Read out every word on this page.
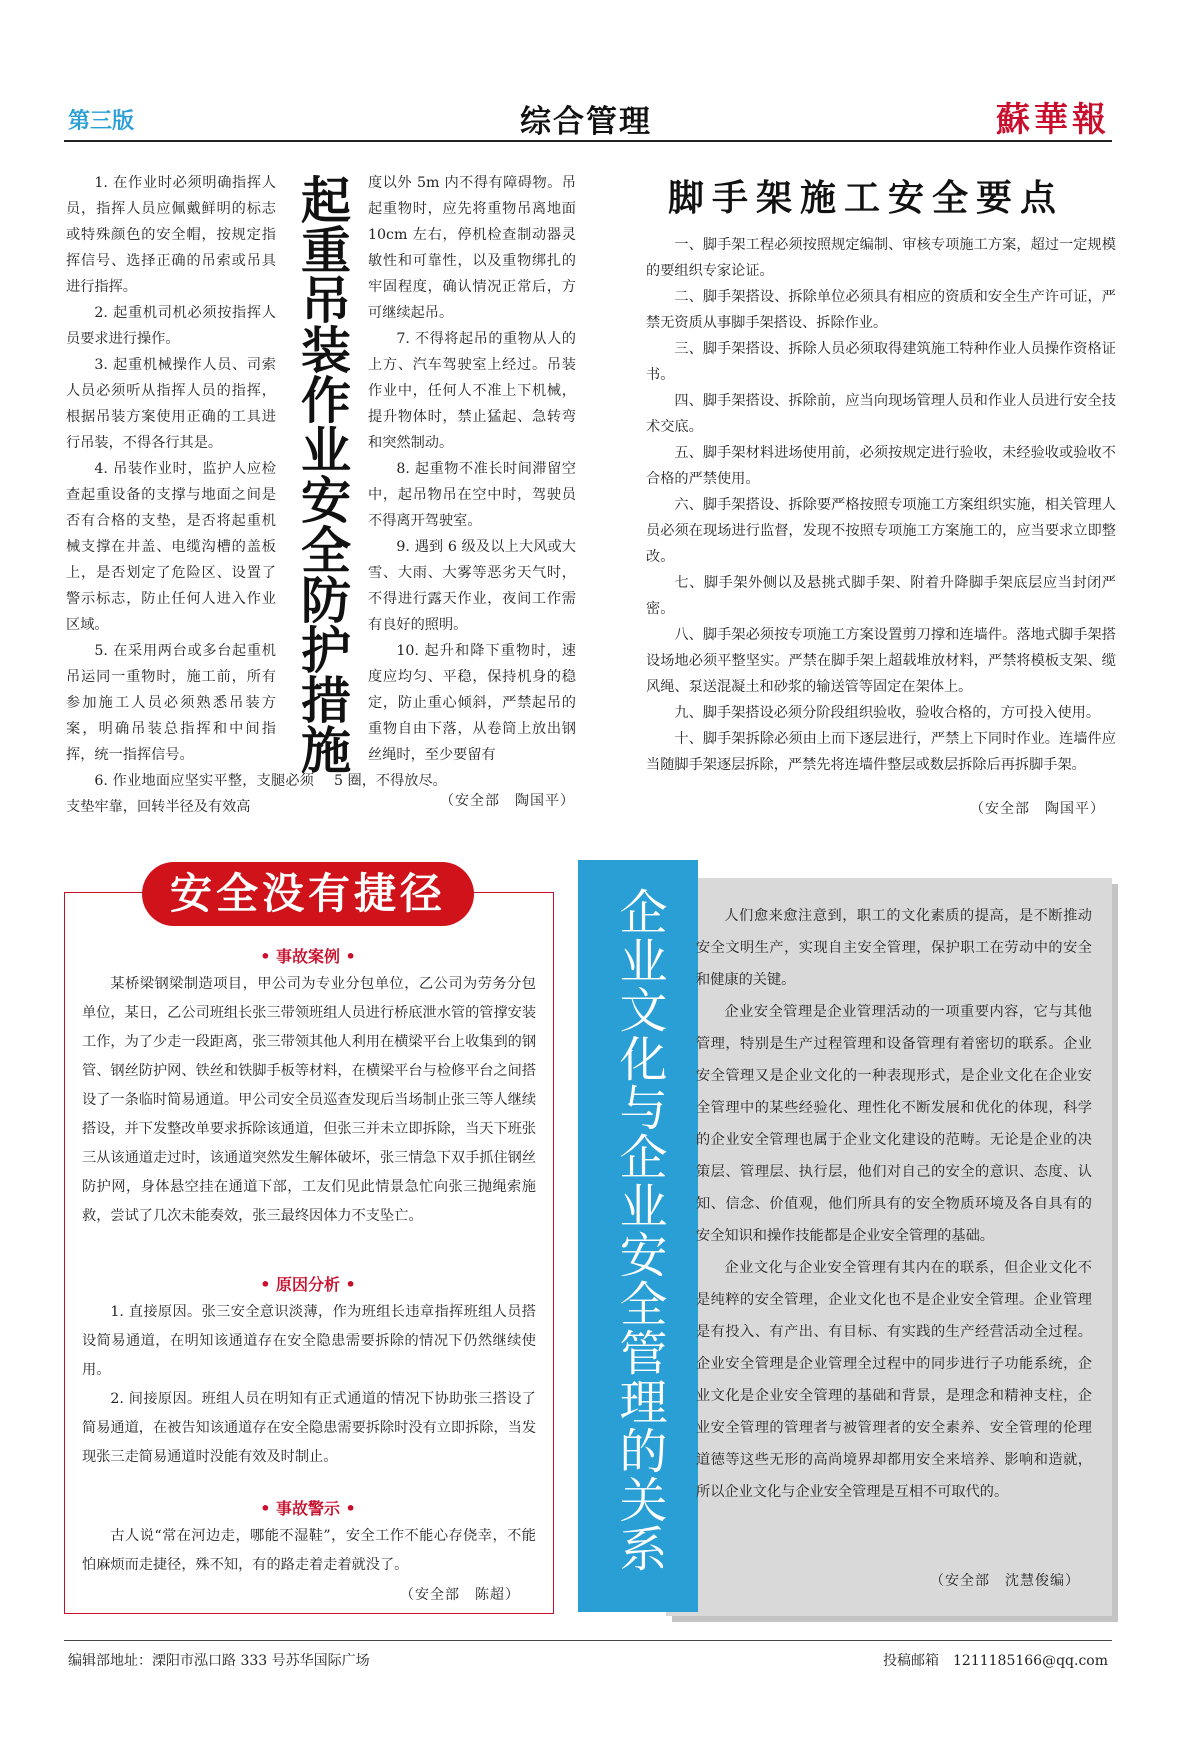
第三版	综合管理	蘇華報

1. 在作业时必须明确指挥人员，指挥人员应佩戴鲜明的标志或特殊颜色的安全帽，按规定指挥信号、选择正确的吊索或吊具进行指挥。

2. 起重机司机必须按指挥人员要求进行操作。

3. 起重机械操作人员、司索人员必须听从指挥人员的指挥，根据吊装方案使用正确的工具进行吊装，不得各行其是。

4. 吊装作业时，监护人应检查起重设备的支撑与地面之间是否有合格的支垫，是否将起重机械支撑在井盖、电缆沟槽的盖板上，是否划定了危险区、设置了警示标志，防止任何人进入作业区域。

5. 在采用两台或多台起重机吊运同一重物时，施工前，所有参加施工人员必须熟悉吊装方案，明确吊装总指挥和中间指挥，统一指挥信号。	起重吊装作业安全防护措施 度以外 5m 内不得有障碍物。吊起重物时，应先将重物吊离地面 10cm 左右，停机检查制动器灵敏性和可靠性，以及重物绑扎的牢固程度，确认情况正常后，方可继续起吊。

7. 不得将起吊的重物从人的上方、汽车驾驶室上经过。吊装作业中，任何人不准上下机械，提升物体时，禁止猛起、急转弯和突然制动。

8. 起重物不准长时间滞留空中，起吊物吊在空中时，驾驶员不得离开驾驶室。

9. 遇到 6 级及以上大风或大雪、大雨、大雾等恶劣天气时，不得进行露天作业，夜间工作需有良好的照明。

10. 起升和降下重物时，速度应均匀、平稳，保持机身的稳定，防止重心倾斜，严禁起吊的重物自由下落，从卷筒上放出钢丝绳时，至少要留有

6. 作业地面应坚实平整，支腿必须支垫牢靠，回转半径及有效高

5 圈，不得放尽。

（安全部　陶国平）
脚手架施工安全要点

一、脚手架工程必须按照规定编制、审核专项施工方案，超过一定规模的要组织专家论证。

二、脚手架搭设、拆除单位必须具有相应的资质和安全生产许可证，严禁无资质从事脚手架搭设、拆除作业。

三、脚手架搭设、拆除人员必须取得建筑施工特种作业人员操作资格证书。

四、脚手架搭设、拆除前，应当向现场管理人员和作业人员进行安全技术交底。

五、脚手架材料进场使用前，必须按规定进行验收，未经验收或验收不合格的严禁使用。

六、脚手架搭设、拆除要严格按照专项施工方案组织实施，相关管理人员必须在现场进行监督，发现不按照专项施工方案施工的，应当要求立即整改。

七、脚手架外侧以及悬挑式脚手架、附着升降脚手架底层应当封闭严密。

八、脚手架必须按专项施工方案设置剪刀撑和连墙件。落地式脚手架搭设场地必须平整坚实。严禁在脚手架上超载堆放材料，严禁将模板支架、缆风绳、泵送混凝土和砂浆的输送管等固定在架体上。

九、脚手架搭设必须分阶段组织验收，验收合格的，方可投入使用。

十、脚手架拆除必须由上而下逐层进行，严禁上下同时作业。连墙件应当随脚手架逐层拆除，严禁先将连墙件整层或数层拆除后再拆脚手架。

（安全部　陶国平）
安全没有捷径
• 事故案例 •

某桥梁钢梁制造项目，甲公司为专业分包单位，乙公司为劳务分包单位，某日，乙公司班组长张三带领班组人员进行桥底泄水管的管撑安装工作，为了少走一段距离，张三带领其他人利用在横梁平台上收集到的钢管、钢丝防护网、铁丝和铁脚手板等材料，在横梁平台与检修平台之间搭设了一条临时简易通道。甲公司安全员巡查发现后当场制止张三等人继续搭设，并下发整改单要求拆除该通道，但张三并未立即拆除，当天下班张三从该通道走过时，该通道突然发生解体破坏，张三情急下双手抓住钢丝防护网，身体悬空挂在通道下部，工友们见此情景急忙向张三抛绳索施救，尝试了几次未能奏效，张三最终因体力不支坠亡。

• 原因分析 •

1. 直接原因。张三安全意识淡薄，作为班组长违章指挥班组人员搭设简易通道，在明知该通道存在安全隐患需要拆除的情况下仍然继续使用。

2. 间接原因。班组人员在明知有正式通道的情况下协助张三搭设了简易通道，在被告知该通道存在安全隐患需要拆除时没有立即拆除，当发现张三走简易通道时没能有效及时制止。

• 事故警示 •

古人说“常在河边走，哪能不湿鞋”，安全工作不能心存侥幸，不能怕麻烦而走捷径，殊不知，有的路走着走着就没了。

（安全部　陈超）
企业文化与企业安全管理的关系	人们愈来愈注意到，职工的文化素质的提高，是不断推动安全文明生产，实现自主安全管理，保护职工在劳动中的安全和健康的关键。

企业安全管理是企业管理活动的一项重要内容，它与其他管理，特别是生产过程管理和设备管理有着密切的联系。企业安全管理又是企业文化的一种表现形式，是企业文化在企业安全管理中的某些经验化、理性化不断发展和优化的体现，科学的企业安全管理也属于企业文化建设的范畴。无论是企业的决策层、管理层、执行层，他们对自己的安全的意识、态度、认知、信念、价值观，他们所具有的安全物质环境及各自具有的安全知识和操作技能都是企业安全管理的基础。

企业文化与企业安全管理有其内在的联系，但企业文化不是纯粹的安全管理，企业文化也不是企业安全管理。企业管理是有投入、有产出、有目标、有实践的生产经营活动全过程。企业安全管理是企业管理全过程中的同步进行子功能系统，企业文化是企业安全管理的基础和背景，是理念和精神支柱，企业安全管理的管理者与被管理者的安全素养、安全管理的伦理道德等这些无形的高尚境界却都用安全来培养、影响和造就，所以企业文化与企业安全管理是互相不可取代的。

（安全部　沈慧俊编）
编辑部地址：溧阳市泓口路 333 号苏华国际广场	投稿邮箱　1211185166@qq.com
